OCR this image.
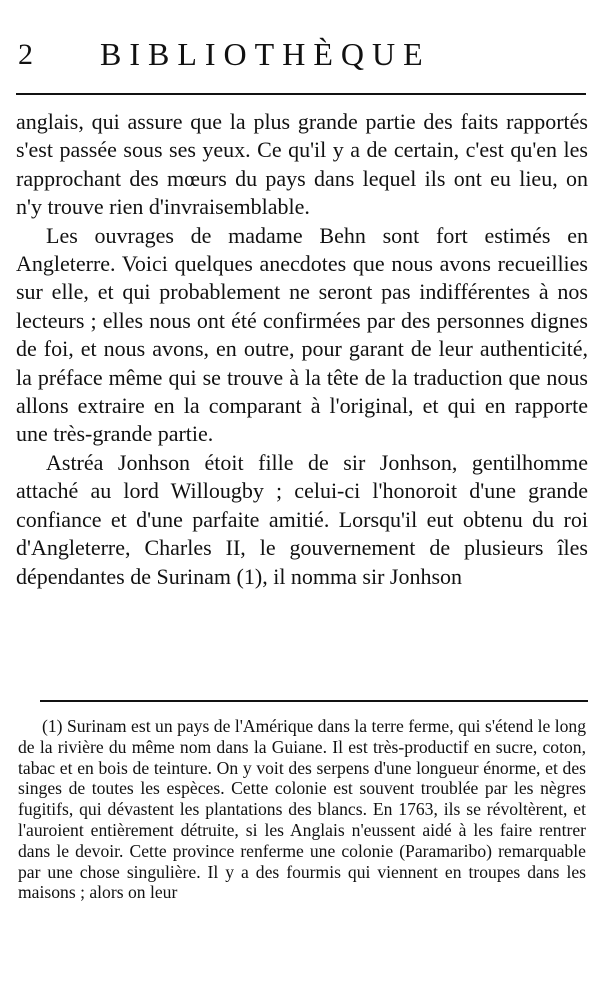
2 BIBLIOTHÈQUE

anglais, qui assure que la plus grande partie des faits rapportés s'est passée sous ses yeux. Ce qu'il y a de certain, c'est qu'en les rapprochant des mœurs du pays dans lequel ils ont eu lieu, on n'y trouve rien d'invraisemblable.

Les ouvrages de madame Behn sont fort estimés en Angleterre. Voici quelques anecdotes que nous avons recueillies sur elle, et qui probablement ne seront pas indifférentes à nos lecteurs ; elles nous ont été confirmées par des personnes dignes de foi, et nous avons, en outre, pour garant de leur authenticité, la préface même qui se trouve à la tête de la traduction que nous allons extraire en la comparant à l'original, et qui en rapporte une très-grande partie.

Astréa Jonhson étoit fille de sir Jonhson, gentilhomme attaché au lord Willougby ; celui-ci l'honoroit d'une grande confiance et d'une parfaite amitié. Lorsqu'il eut obtenu du roi d'Angleterre, Charles II, le gouvernement de plusieurs îles dépendantes de Surinam (1), il nomma sir Jonhson

(1) Surinam est un pays de l'Amérique dans la terre ferme, qui s'étend le long de la rivière du même nom dans la Guiane. Il est très-productif en sucre, coton, tabac et en bois de teinture. On y voit des serpens d'une longueur énorme, et des singes de toutes les espèces. Cette colonie est souvent troublée par les nègres fugitifs, qui dévastent les plantations des blancs. En 1763, ils se révoltèrent, et l'auroient entièrement détruite, si les Anglais n'eussent aidé à les faire rentrer dans le devoir. Cette province renferme une colonie (Paramaribo) remarquable par une chose singulière. Il y a des fourmis qui viennent en troupes dans les maisons ; alors on leur
